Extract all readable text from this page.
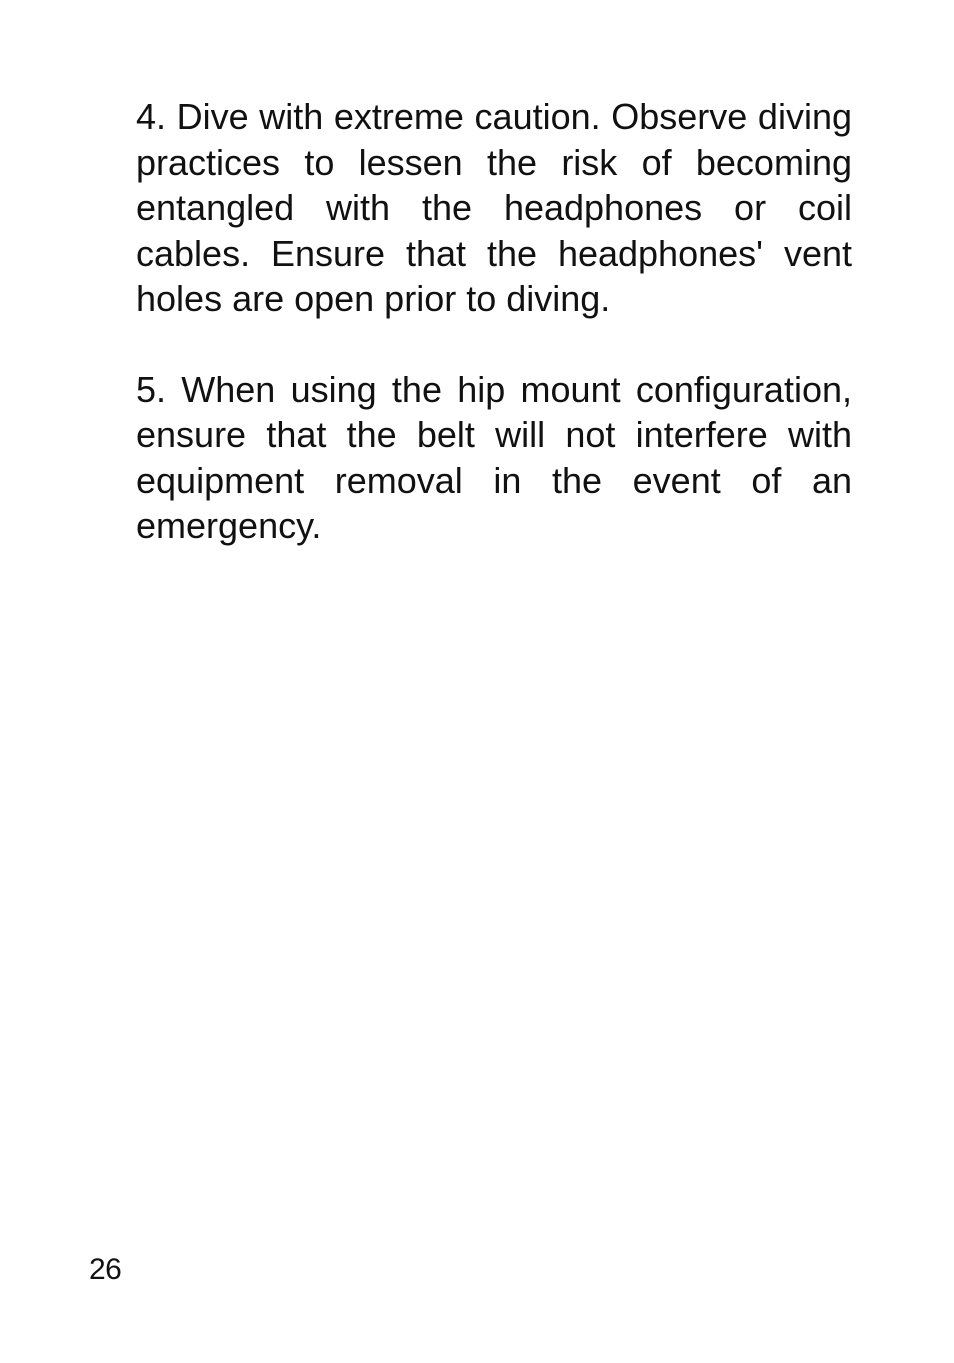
4. Dive with extreme caution. Observe diving practices to lessen the risk of becoming entangled with the headphones or coil cables. Ensure that the headphones' vent holes are open prior to diving.

5. When using the hip mount configuration, ensure that the belt will not interfere with equipment removal in the event of an emergency.

26
